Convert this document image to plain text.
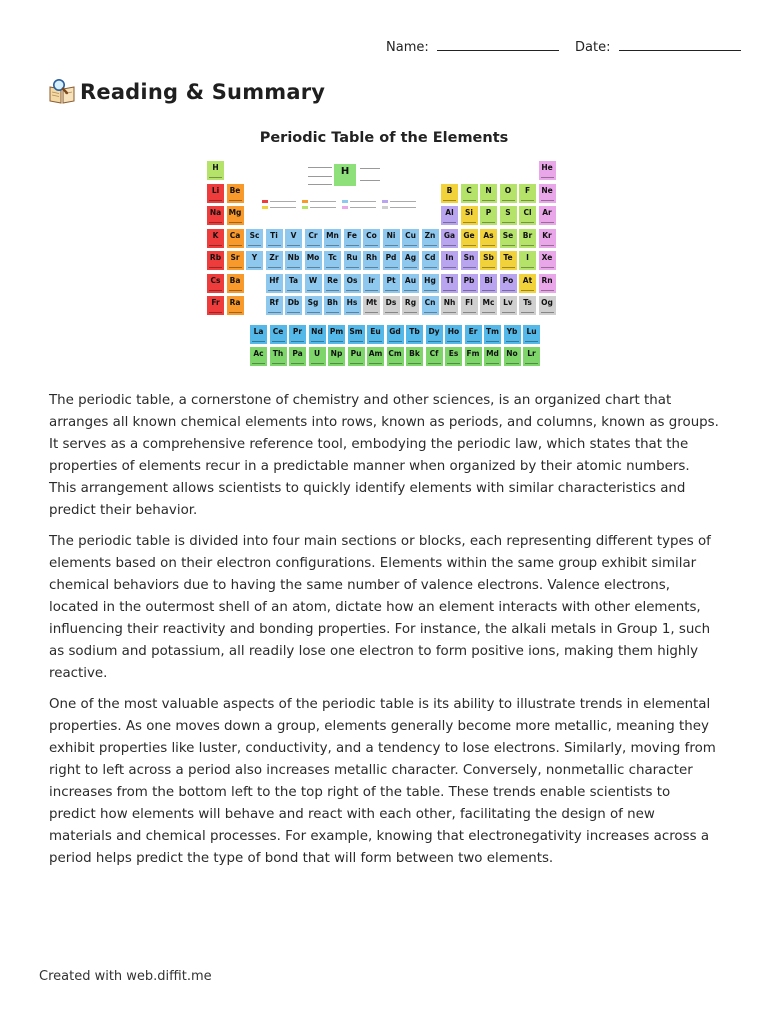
Name:	Date:
Reading & Summary
Periodic Table of the Elements
H	He
Li Be	B C N O F Ne
Na Mg	Al Si P S Cl Ar
K Ca Sc Ti V Cr Mn Fe Co Ni Cu Zn Ga Ge As Se Br Kr
Rb Sr Y Zr Nb Mo Tc Ru Rh Pd Ag Cd In Sn Sb Te I Xe
Cs Ba	Hf Ta W Re Os Ir Pt Au Hg Tl Pb Bi Po At Rn
Fr Ra	Rf Db Sg Bh Hs Mt Ds Rg Cn Nh Fl Mc Lv Ts Og
La Ce Pr Nd Pm Sm Eu Gd Tb Dy Ho Er Tm Yb Lu
Ac Th Pa U Np Pu Am Cm Bk Cf Es Fm Md No Lr
H

The periodic table, a cornerstone of chemistry and other sciences, is an organized chart that arranges all known chemical elements into rows, known as periods, and columns, known as groups. It serves as a comprehensive reference tool, embodying the periodic law, which states that the properties of elements recur in a predictable manner when organized by their atomic numbers. This arrangement allows scientists to quickly identify elements with similar characteristics and predict their behavior.

The periodic table is divided into four main sections or blocks, each representing different types of elements based on their electron configurations. Elements within the same group exhibit similar chemical behaviors due to having the same number of valence electrons. Valence electrons, located in the outermost shell of an atom, dictate how an element interacts with other elements, influencing their reactivity and bonding properties. For instance, the alkali metals in Group 1, such as sodium and potassium, all readily lose one electron to form positive ions, making them highly reactive.

One of the most valuable aspects of the periodic table is its ability to illustrate trends in elemental properties. As one moves down a group, elements generally become more metallic, meaning they exhibit properties like luster, conductivity, and a tendency to lose electrons. Similarly, moving from right to left across a period also increases metallic character. Conversely, nonmetallic character increases from the bottom left to the top right of the table. These trends enable scientists to predict how elements will behave and react with each other, facilitating the design of new materials and chemical processes. For example, knowing that electronegativity increases across a period helps predict the type of bond that will form between two elements.

Created with web.diffit.me
